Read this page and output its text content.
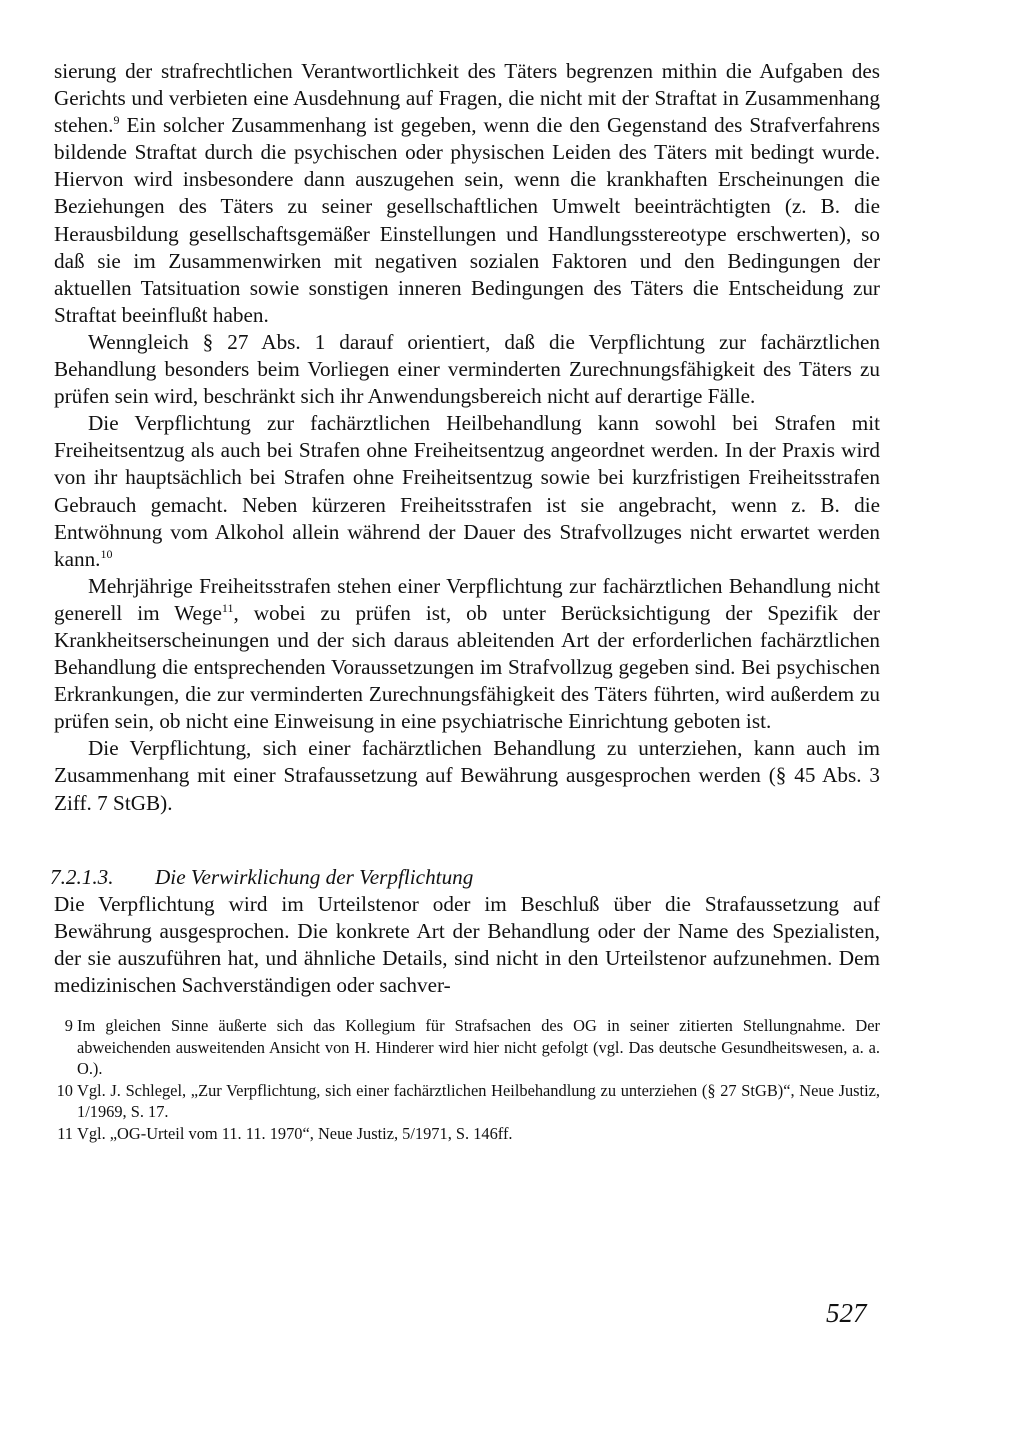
sierung der strafrechtlichen Verantwortlichkeit des Täters begrenzen mithin die Aufgaben des Gerichts und verbieten eine Ausdehnung auf Fragen, die nicht mit der Straftat in Zusammenhang stehen.$^9$ Ein solcher Zusammenhang ist gegeben, wenn die den Gegenstand des Strafverfahrens bildende Straftat durch die psychischen oder physischen Leiden des Täters mit bedingt wurde. Hiervon wird insbesondere dann auszugehen sein, wenn die krankhaften Erscheinungen die Beziehungen des Täters zu seiner gesellschaftlichen Umwelt beeinträchtigten (z. B. die Herausbildung gesellschaftsgemäßer Einstellungen und Handlungsstereotype erschwerten), so daß sie im Zusammenwirken mit negativen sozialen Faktoren und den Bedingungen der aktuellen Tatsituation sowie sonstigen inneren Bedingungen des Täters die Entscheidung zur Straftat beeinflußt haben.

Wenngleich § 27 Abs. 1 darauf orientiert, daß die Verpflichtung zur fachärztlichen Behandlung besonders beim Vorliegen einer verminderten Zurechnungsfähigkeit des Täters zu prüfen sein wird, beschränkt sich ihr Anwendungsbereich nicht auf derartige Fälle.

Die Verpflichtung zur fachärztlichen Heilbehandlung kann sowohl bei Strafen mit Freiheitsentzug als auch bei Strafen ohne Freiheitsentzug angeordnet werden. In der Praxis wird von ihr hauptsächlich bei Strafen ohne Freiheitsentzug sowie bei kurzfristigen Freiheitsstrafen Gebrauch gemacht. Neben kürzeren Freiheitsstrafen ist sie angebracht, wenn z. B. die Entwöhnung vom Alkohol allein während der Dauer des Strafvollzuges nicht erwartet werden kann.$^{10}$

Mehrjährige Freiheitsstrafen stehen einer Verpflichtung zur fachärztlichen Behandlung nicht generell im Wege$^{11}$, wobei zu prüfen ist, ob unter Berücksichtigung der Spezifik der Krankheitserscheinungen und der sich daraus ableitenden Art der erforderlichen fachärztlichen Behandlung die entsprechenden Voraussetzungen im Strafvollzug gegeben sind. Bei psychischen Erkrankungen, die zur verminderten Zurechnungsfähigkeit des Täters führten, wird außerdem zu prüfen sein, ob nicht eine Einweisung in eine psychiatrische Einrichtung geboten ist.

Die Verpflichtung, sich einer fachärztlichen Behandlung zu unterziehen, kann auch im Zusammenhang mit einer Strafaussetzung auf Bewährung ausgesprochen werden (§ 45 Abs. 3 Ziff. 7 StGB).

7.2.1.3. Die Verwirklichung der Verpflichtung

Die Verpflichtung wird im Urteilstenor oder im Beschluß über die Strafaussetzung auf Bewährung ausgesprochen. Die konkrete Art der Behandlung oder der Name des Spezialisten, der sie auszuführen hat, und ähnliche Details, sind nicht in den Urteilstenor aufzunehmen. Dem medizinischen Sachverständigen oder sachver-

9 Im gleichen Sinne äußerte sich das Kollegium für Strafsachen des OG in seiner zitierten Stellungnahme. Der abweichenden ausweitenden Ansicht von H. Hinderer wird hier nicht gefolgt (vgl. Das deutsche Gesundheitswesen, a. a. O.).
10 Vgl. J. Schlegel, „Zur Verpflichtung, sich einer fachärztlichen Heilbehandlung zu unterziehen (§ 27 StGB)“, Neue Justiz, 1/1969, S. 17.
11 Vgl. „OG-Urteil vom 11. 11. 1970“, Neue Justiz, 5/1971, S. 146ff.
527
